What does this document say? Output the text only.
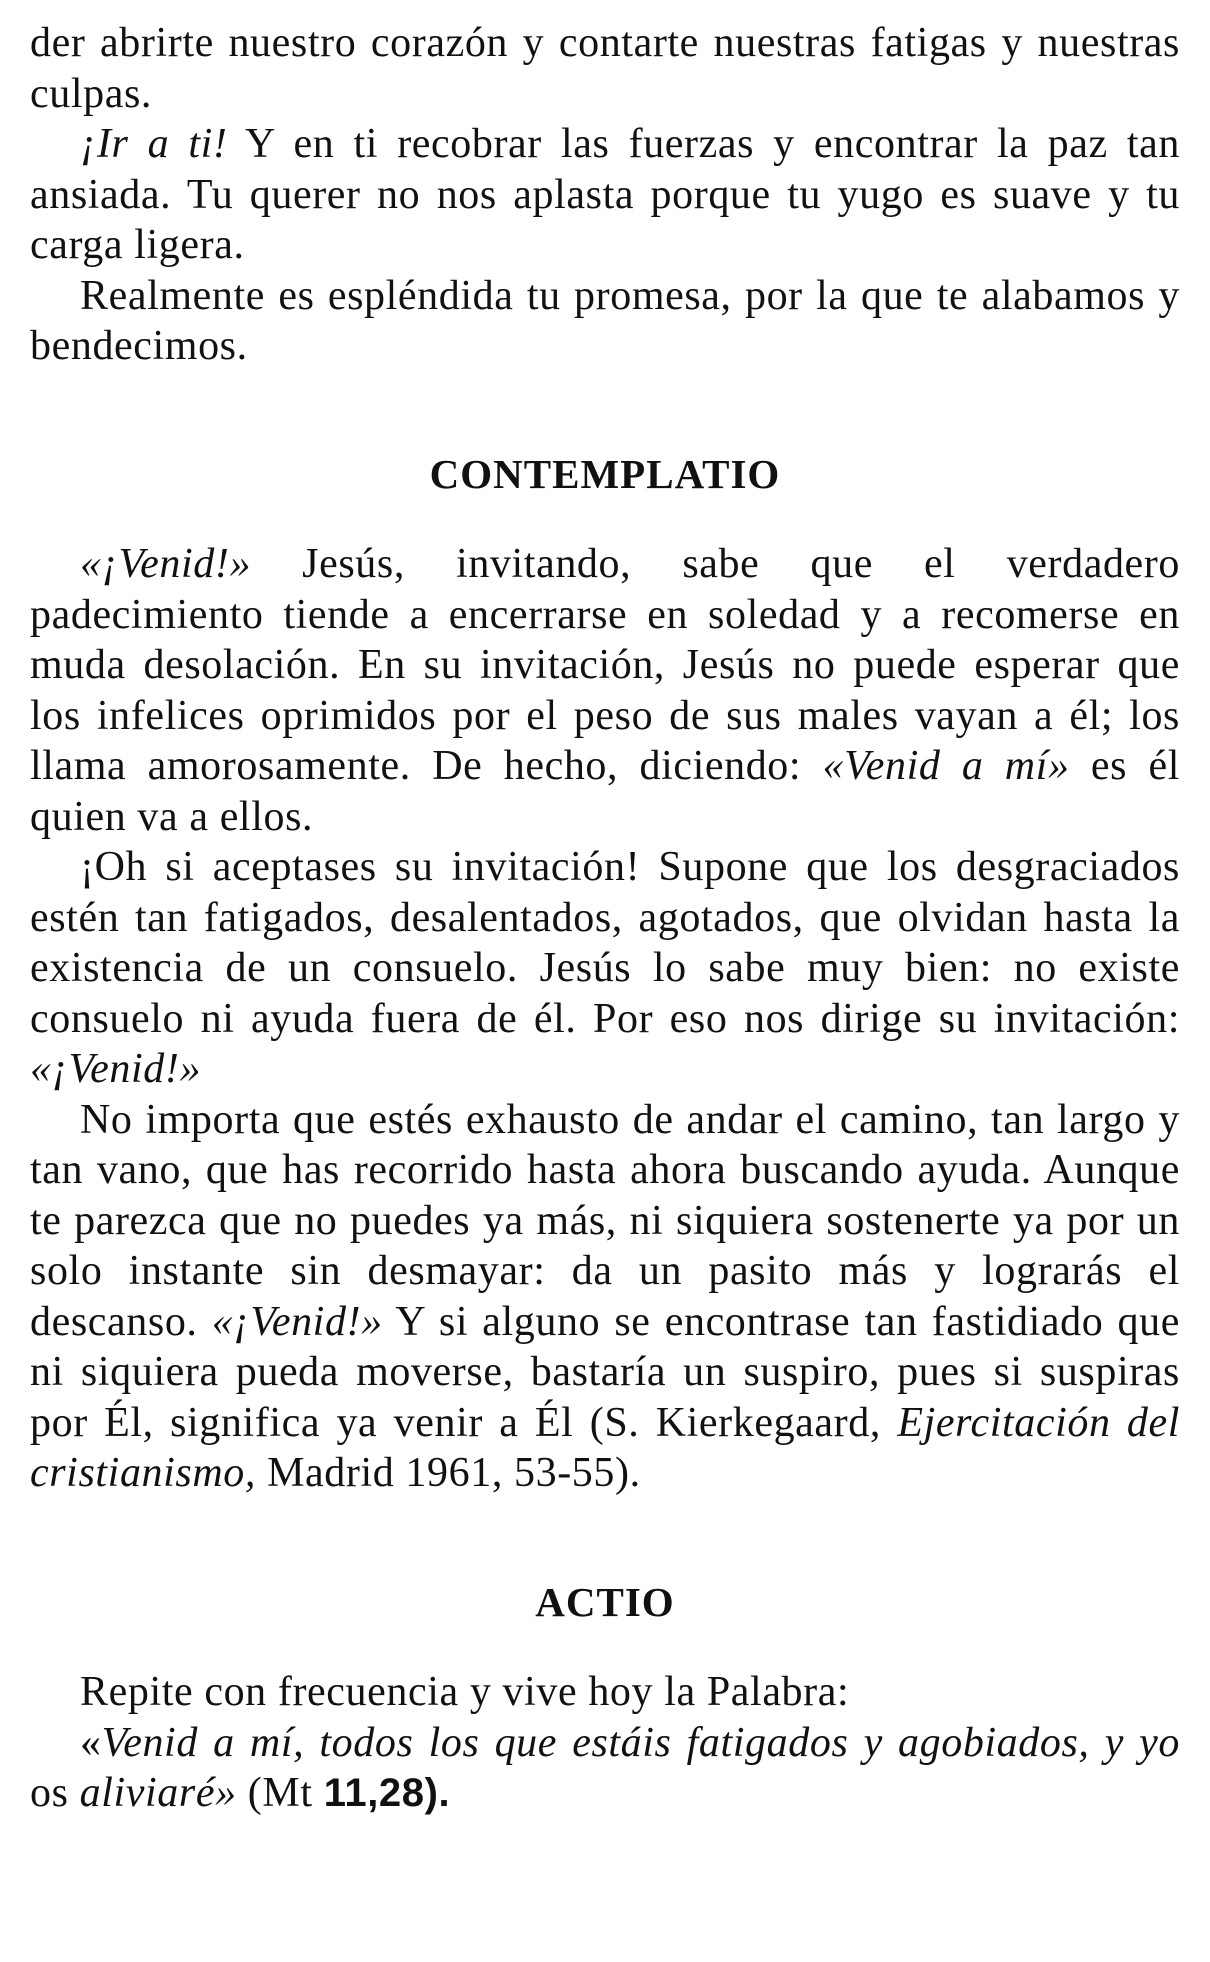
der abrirte nuestro corazón y contarte nuestras fatigas y nuestras culpas.

¡Ir a ti! Y en ti recobrar las fuerzas y encontrar la paz tan ansiada. Tu querer no nos aplasta porque tu yugo es suave y tu carga ligera.

Realmente es espléndida tu promesa, por la que te alabamos y bendecimos.

CONTEMPLATIO

«¡Venid!» Jesús, invitando, sabe que el verdadero padecimiento tiende a encerrarse en soledad y a recomerse en muda desolación. En su invitación, Jesús no puede esperar que los infelices oprimidos por el peso de sus males vayan a él; los llama amorosamente. De hecho, diciendo: «Venid a mí» es él quien va a ellos.

¡Oh si aceptases su invitación! Supone que los desgraciados estén tan fatigados, desalentados, agotados, que olvidan hasta la existencia de un consuelo. Jesús lo sabe muy bien: no existe consuelo ni ayuda fuera de él. Por eso nos dirige su invitación: «¡Venid!»

No importa que estés exhausto de andar el camino, tan largo y tan vano, que has recorrido hasta ahora buscando ayuda. Aunque te parezca que no puedes ya más, ni siquiera sostenerte ya por un solo instante sin desmayar: da un pasito más y lograrás el descanso. «¡Venid!» Y si alguno se encontrase tan fastidiado que ni siquiera pueda moverse, bastaría un suspiro, pues si suspiras por Él, significa ya venir a Él (S. Kierkegaard, Ejercitación del cristianismo, Madrid 1961, 53-55).

ACTIO

Repite con frecuencia y vive hoy la Palabra:

«Venid a mí, todos los que estáis fatigados y agobiados, y yo os aliviaré» (Mt 11,28).
